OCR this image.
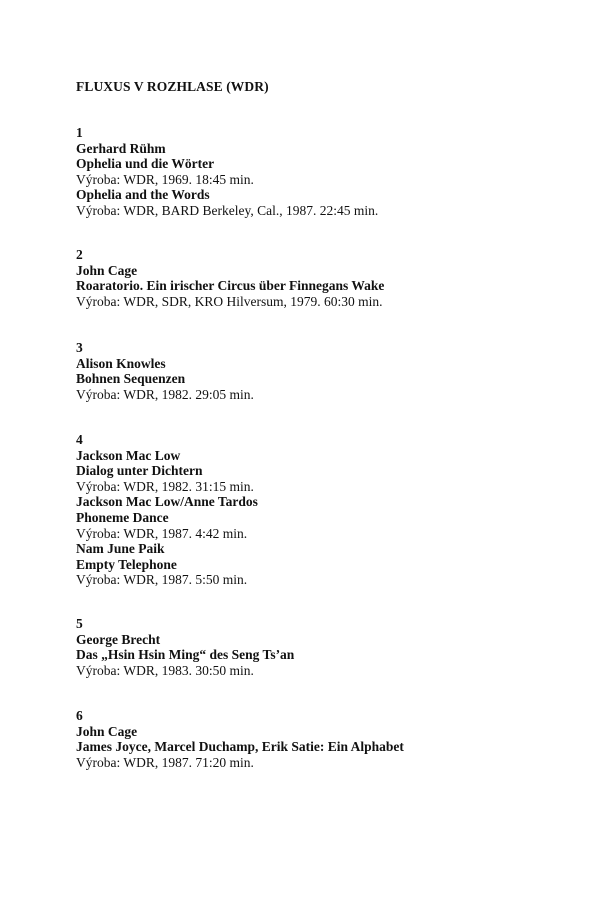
FLUXUS V ROZHLASE (WDR)
1
Gerhard Rühm
Ophelia und die Wörter
Výroba: WDR, 1969. 18:45 min.
Ophelia and the Words
Výroba: WDR, BARD Berkeley, Cal., 1987. 22:45 min.
2
John Cage
Roaratorio. Ein irischer Circus über Finnegans Wake
Výroba: WDR, SDR, KRO Hilversum, 1979. 60:30 min.
3
Alison Knowles
Bohnen Sequenzen
Výroba: WDR, 1982. 29:05 min.
4
Jackson Mac Low
Dialog unter Dichtern
Výroba: WDR, 1982. 31:15 min.
Jackson Mac Low/Anne Tardos
Phoneme Dance
Výroba: WDR, 1987. 4:42 min.
Nam June Paik
Empty Telephone
Výroba: WDR, 1987. 5:50 min.
5
George Brecht
Das „Hsin Hsin Ming“ des Seng Ts’an
Výroba: WDR, 1983. 30:50 min.
6
John Cage
James Joyce, Marcel Duchamp, Erik Satie: Ein Alphabet
Výroba: WDR, 1987. 71:20 min.
